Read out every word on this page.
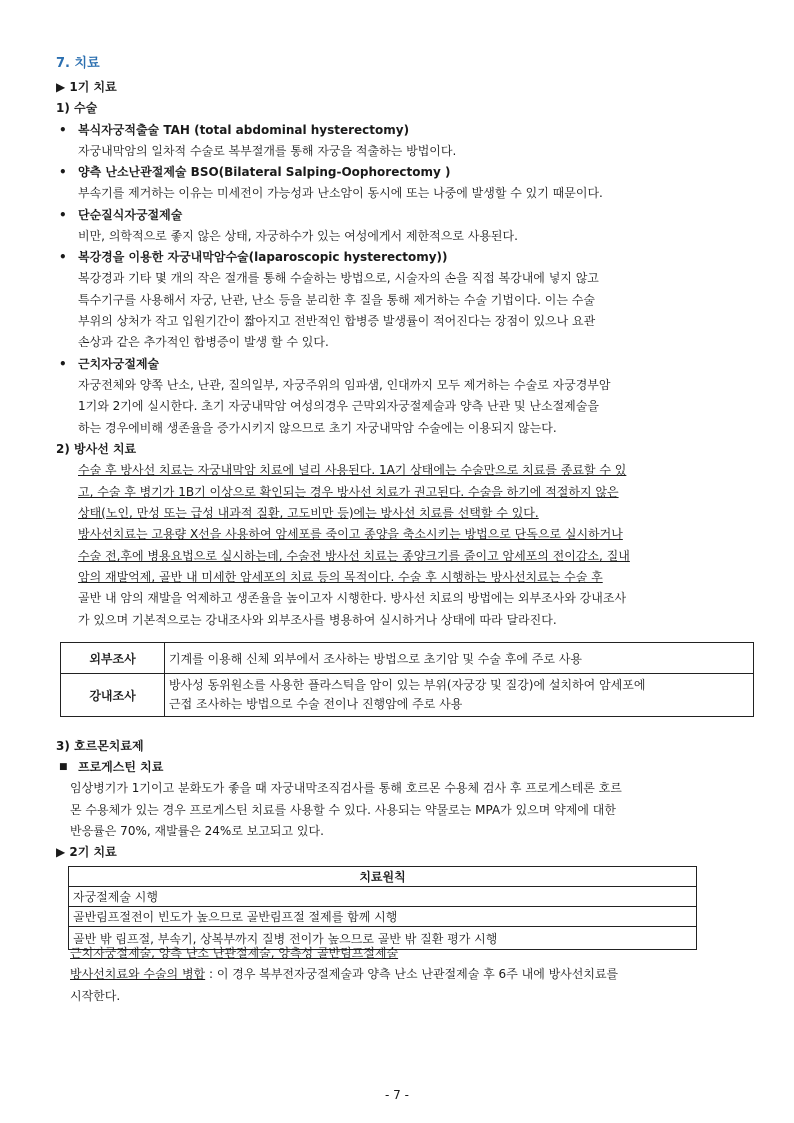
7. 치료
▶ 1기 치료
1) 수술
• 복식자궁적출술 TAH (total abdominal hysterectomy)
자궁내막암의 일차적 수술로 복부절개를 통해 자궁을 적출하는 방법이다.
• 양측 난소난관절제술 BSO(Bilateral Salping-Oophorectomy )
부속기를 제거하는 이유는 미세전이 가능성과 난소암이 동시에 또는 나중에 발생할 수 있기 때문이다.
• 단순질식자궁절제술
비만, 의학적으로 좋지 않은 상태, 자궁하수가 있는 여성에게서 제한적으로 사용된다.
• 복강경을 이용한 자궁내막암수술(laparoscopic hysterectomy))
복강경과 기타 몇 개의 작은 절개를 통해 수술하는 방법으로, 시술자의 손을 직접 복강내에 넣지 않고
특수기구를 사용해서 자궁, 난관, 난소 등을 분리한 후 질을 통해 제거하는 수술 기법이다. 이는 수술
부위의 상처가 작고 입원기간이 짧아지고 전반적인 합병증 발생률이 적어진다는 장점이 있으나 요관
손상과 같은 추가적인 합병증이 발생 할 수 있다.
• 근치자궁절제술
자궁전체와 양쪽 난소, 난관, 질의일부, 자궁주위의 임파샘, 인대까지 모두 제거하는 수술로 자궁경부암
1기와 2기에 실시한다. 초기 자궁내막암 여성의경우 근막외자궁절제술과 양측 난관 및 난소절제술을
하는 경우에비해 생존율을 증가시키지 않으므로 초기 자궁내막암 수술에는 이용되지 않는다.
2) 방사선 치료
수술 후 방사선 치료는 자궁내막암 치료에 널리 사용된다. 1A기 상태에는 수술만으로 치료를 종료할 수 있
고, 수술 후 병기가 1B기 이상으로 확인되는 경우 방사선 치료가 권고된다. 수술을 하기에 적절하지 않은
상태(노인, 만성 또는 급성 내과적 질환, 고도비만 등)에는 방사선 치료를 선택할 수 있다.
방사선치료는 고용량 X선을 사용하여 암세포를 죽이고 종양을 축소시키는 방법으로 단독으로 실시하거나
수술 전,후에 병용요법으로 실시하는데, 수술전 방사선 치료는 종양크기를 줄이고 암세포의 전이감소, 질내
암의 재발억제, 골반 내 미세한 암세포의 치료 등의 목적이다. 수술 후 시행하는 방사선치료는 수술 후
골반 내 암의 재발을 억제하고 생존율을 높이고자 시행한다. 방사선 치료의 방법에는 외부조사와 강내조사
가 있으며 기본적으로는 강내조사와 외부조사를 병용하여 실시하거나 상태에 따라 달라진다.
외부조사	기계를 이용해 신체 외부에서 조사하는 방법으로 초기암 및 수술 후에 주로 사용
강내조사	방사성 동위원소를 사용한 플라스틱을 암이 있는 부위(자궁강 및 질강)에 설치하여 암세포에
근접 조사하는 방법으로 수술 전이나 진행암에 주로 사용
3) 호르몬치료제
■ 프로게스틴 치료
임상병기가 1기이고 분화도가 좋을 때 자궁내막조직검사를 통해 호르몬 수용체 검사 후 프로게스테론 호르
몬 수용체가 있는 경우 프로게스틴 치료를 사용할 수 있다. 사용되는 약물로는 MPA가 있으며 약제에 대한
반응률은 70%, 재발률은 24%로 보고되고 있다.
▶ 2기 치료
치료원칙
자궁절제술 시행
골반림프절전이 빈도가 높으므로 골반림프절 절제를 함께 시행
골반 밖 림프절, 부속기, 상복부까지 질병 전이가 높으므로 골반 밖 질환 평가 시행
근치자궁절제술, 양측 난소 난관절제술, 양측성 골반림프절제술
방사선치료와 수술의 병합 : 이 경우 복부전자궁절제술과 양측 난소 난관절제술 후 6주 내에 방사선치료를
시작한다.
- 7 -
